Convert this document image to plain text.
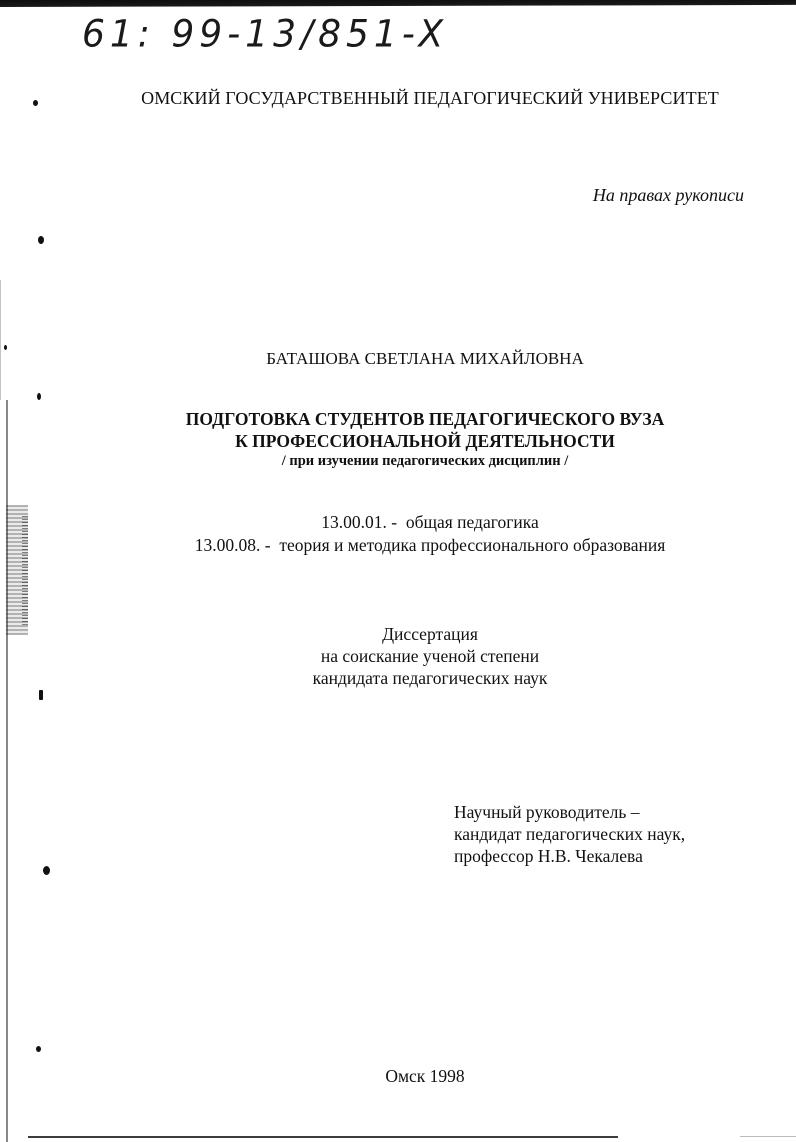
61: 99-13/851-X
ОМСКИЙ ГОСУДАРСТВЕННЫЙ ПЕДАГОГИЧЕСКИЙ УНИВЕРСИТЕТ
На правах рукописи
БАТАШОВА СВЕТЛАНА МИХАЙЛОВНА
ПОДГОТОВКА СТУДЕНТОВ ПЕДАГОГИЧЕСКОГО ВУЗА
К ПРОФЕССИОНАЛЬНОЙ ДЕЯТЕЛЬНОСТИ
/ при изучении педагогических дисциплин /
13.00.01. - общая педагогика
13.00.08. - теория и методика профессионального образования
Диссертация
на соискание ученой степени
кандидата педагогических наук
Научный руководитель –
кандидат педагогических наук,
профессор Н.В. Чекалева
Омск 1998
